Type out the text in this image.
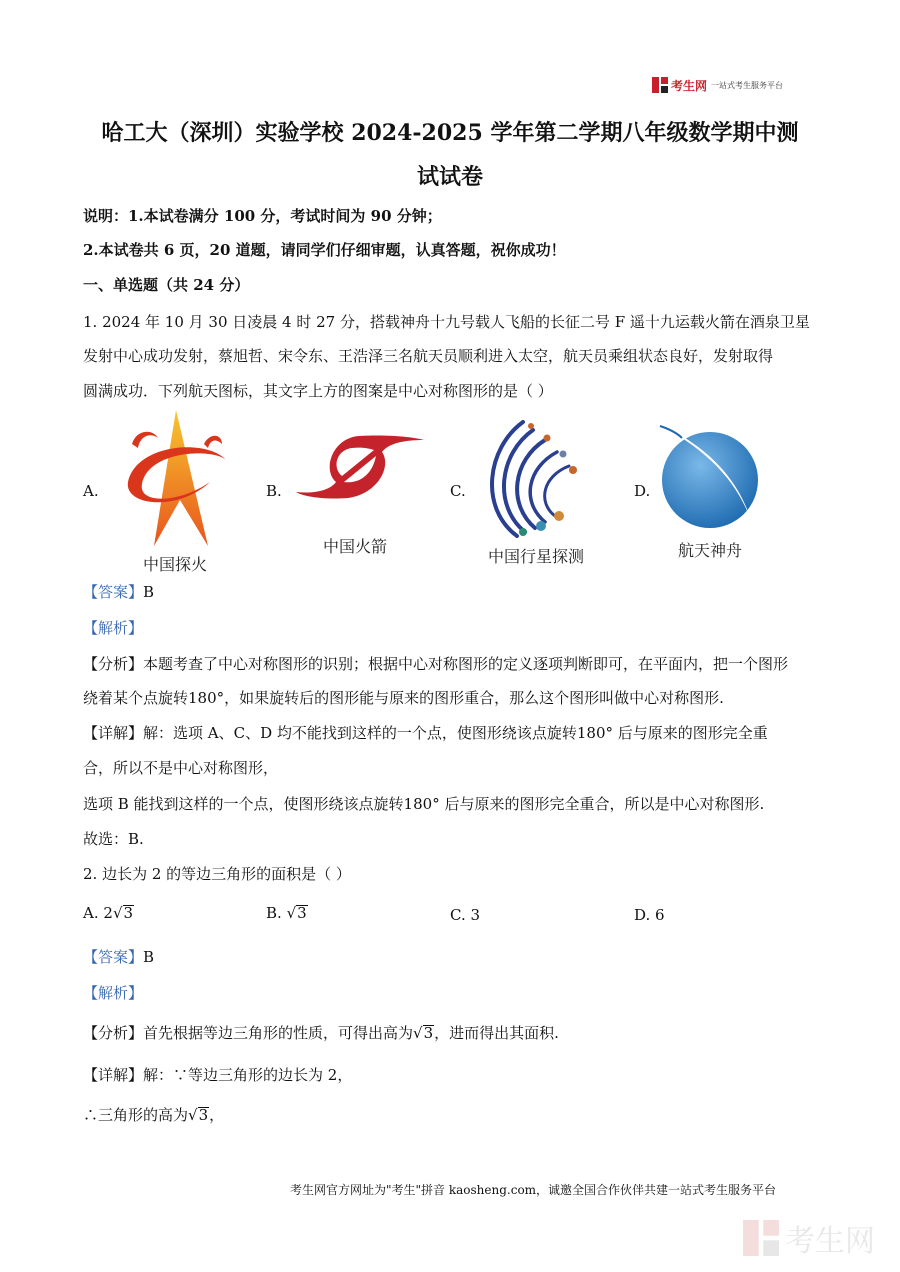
考生网 一站式考生服务平台
哈工大（深圳）实验学校 2024-2025 学年第二学期八年级数学期中测
试试卷
说明：1.本试卷满分 100 分，考试时间为 90 分钟；
2.本试卷共 6 页，20 道题，请同学们仔细审题，认真答题，祝你成功！
一、单选题（共 24 分）
1. 2024 年 10 月 30 日凌晨 4 时 27 分，搭载神舟十九号载人飞船的长征二号 F 遥十九运载火箭在酒泉卫星
发射中心成功发射，蔡旭哲、宋令东、王浩泽三名航天员顺利进入太空，航天员乘组状态良好，发射取得
圆满成功．下列航天图标，其文字上方的图案是中心对称图形的是（ ）
A.
中国探火
B.
中国火箭
C.
中国行星探测
D.
航天神舟
【答案】B
【解析】
【分析】本题考查了中心对称图形的识别；根据中心对称图形的定义逐项判断即可，在平面内，把一个图形
绕着某个点旋转180°，如果旋转后的图形能与原来的图形重合，那么这个图形叫做中心对称图形.
【详解】解：选项 A、C、D 均不能找到这样的一个点，使图形绕该点旋转180° 后与原来的图形完全重
合，所以不是中心对称图形，
选项 B 能找到这样的一个点，使图形绕该点旋转180° 后与原来的图形完全重合，所以是中心对称图形.
故选：B.
2. 边长为 2 的等边三角形的面积是（ ）
A. 2√3	B. √3	C. 3	D. 6
【答案】B
【解析】
【分析】首先根据等边三角形的性质，可得出高为√3，进而得出其面积.
【详解】解：∵等边三角形的边长为 2，
∴三角形的高为√3，
考生网官方网址为"考生"拼音 kaosheng.com，诚邀全国合作伙伴共建一站式考生服务平台
考生网
